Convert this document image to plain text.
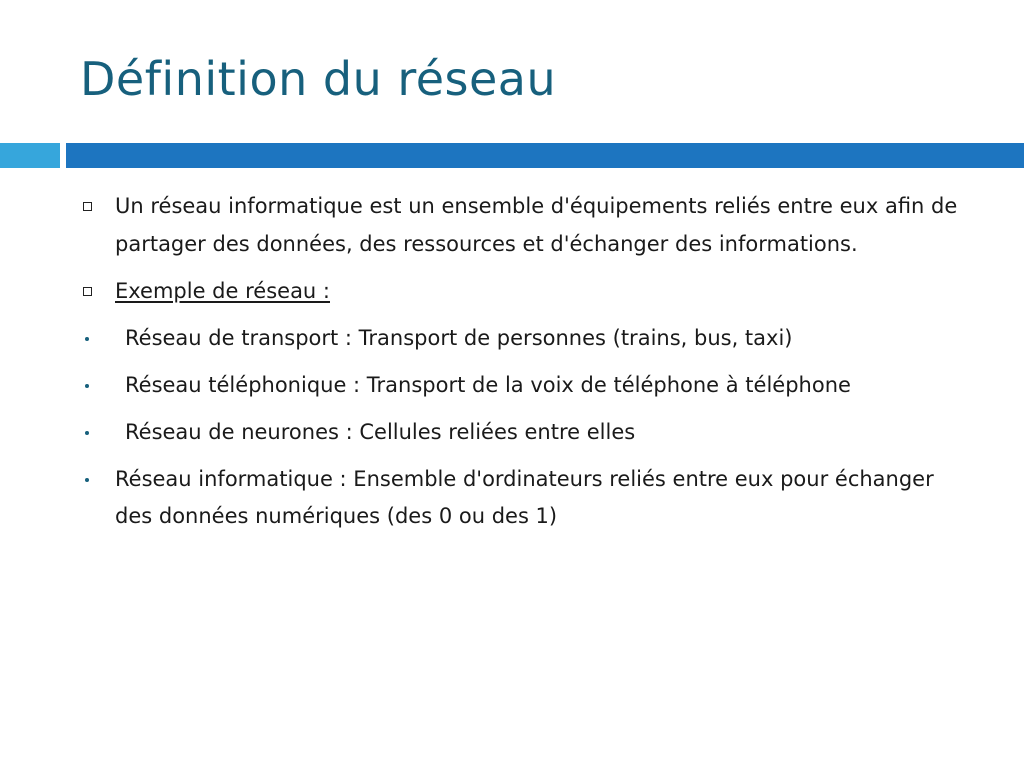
Définition du réseau
Un réseau informatique est un ensemble d'équipements reliés entre eux afin de partager des données, des ressources et d'échanger des informations.
Exemple de réseau :
Réseau de transport : Transport de personnes (trains, bus, taxi)
Réseau téléphonique : Transport de la voix de téléphone à téléphone
Réseau de neurones : Cellules reliées entre elles
Réseau informatique : Ensemble d'ordinateurs reliés entre eux pour échanger des données numériques (des 0 ou des 1)
